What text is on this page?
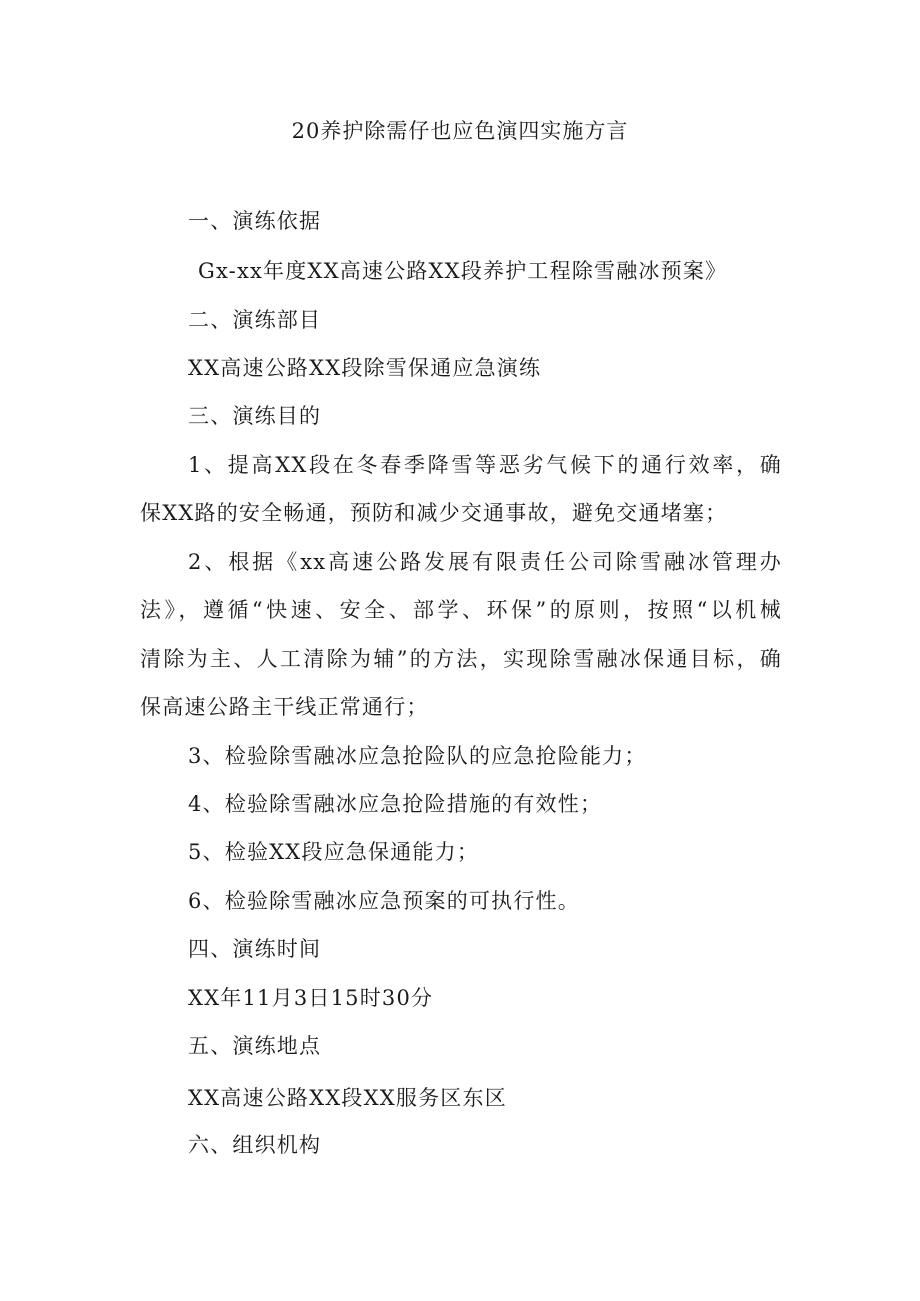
20养护除需仔也应色演四实施方言
一、演练依据
Gx-xx年度XX高速公路XX段养护工程除雪融冰预案》
二、演练部目
XX高速公路XX段除雪保通应急演练
三、演练目的
1、提高XX段在冬春季降雪等恶劣气候下的通行效率，确
保XX路的安全畅通，预防和减少交通事故，避免交通堵塞；
2、根据《xx高速公路发展有限责任公司除雪融冰管理办
法》，遵循“快速、安全、部学、环保”的原则，按照“以机械
清除为主、人工清除为辅”的方法，实现除雪融冰保通目标，确
保高速公路主干线正常通行；
3、检验除雪融冰应急抢险队的应急抢险能力；
4、检验除雪融冰应急抢险措施的有效性；
5、检验XX段应急保通能力；
6、检验除雪融冰应急预案的可执行性。
四、演练时间
XX年11月3日15时30分
五、演练地点
XX高速公路XX段XX服务区东区
六、组织机构
